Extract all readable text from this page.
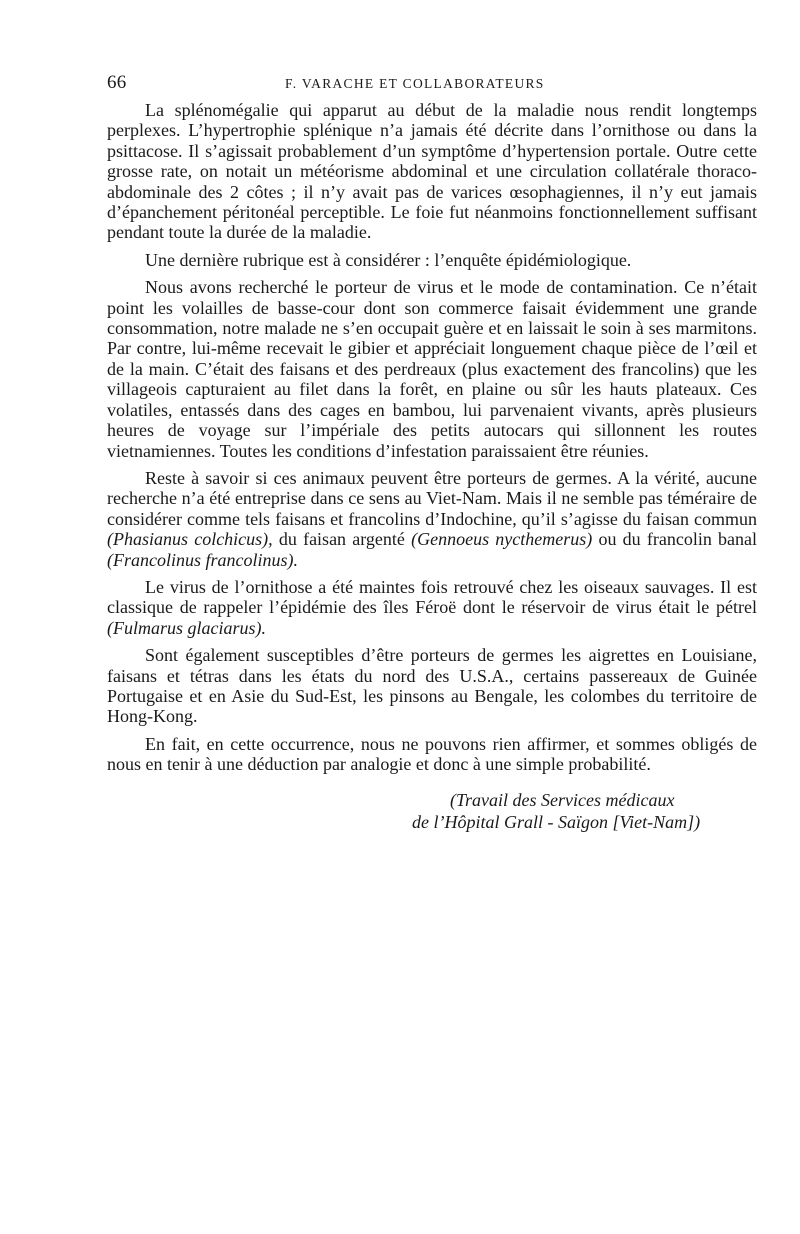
66	F. VARACHE ET COLLABORATEURS

La splénomégalie qui apparut au début de la maladie nous rendit longtemps perplexes. L’hypertrophie splénique n’a jamais été décrite dans l’ornithose ou dans la psittacose. Il s’agissait probablement d’un symptôme d’hypertension portale. Outre cette grosse rate, on notait un météorisme abdominal et une circulation collatérale thoraco-abdominale des 2 côtes ; il n’y avait pas de varices œsophagiennes, il n’y eut jamais d’épanchement péritonéal perceptible. Le foie fut néanmoins fonctionnellement suffisant pendant toute la durée de la maladie.

Une dernière rubrique est à considérer : l’enquête épidémiologique.

Nous avons recherché le porteur de virus et le mode de contamination. Ce n’était point les volailles de basse-cour dont son commerce faisait évidemment une grande consommation, notre malade ne s’en occupait guère et en laissait le soin à ses marmitons. Par contre, lui-même recevait le gibier et appréciait longuement chaque pièce de l’œil et de la main. C’était des faisans et des perdreaux (plus exactement des francolins) que les villageois capturaient au filet dans la forêt, en plaine ou sûr les hauts plateaux. Ces volatiles, entassés dans des cages en bambou, lui parvenaient vivants, après plusieurs heures de voyage sur l’impériale des petits autocars qui sillonnent les routes vietnamiennes. Toutes les conditions d’infestation paraissaient être réunies.

Reste à savoir si ces animaux peuvent être porteurs de germes. A la vérité, aucune recherche n’a été entreprise dans ce sens au Viet-Nam. Mais il ne semble pas téméraire de considérer comme tels faisans et francolins d’Indochine, qu’il s’agisse du faisan commun (Phasianus colchicus), du faisan argenté (Gennoeus nycthemerus) ou du francolin banal (Francolinus francolinus).

Le virus de l’ornithose a été maintes fois retrouvé chez les oiseaux sauvages. Il est classique de rappeler l’épidémie des îles Féroë dont le réservoir de virus était le pétrel (Fulmarus glaciarus).

Sont également susceptibles d’être porteurs de germes les aigrettes en Louisiane, faisans et tétras dans les états du nord des U.S.A., certains passereaux de Guinée Portugaise et en Asie du Sud-Est, les pinsons au Bengale, les colombes du territoire de Hong-Kong.

En fait, en cette occurrence, nous ne pouvons rien affirmer, et sommes obligés de nous en tenir à une déduction par analogie et donc à une simple probabilité.

(Travail des Services médicaux
de l’Hôpital Grall - Saïgon [Viet-Nam])
